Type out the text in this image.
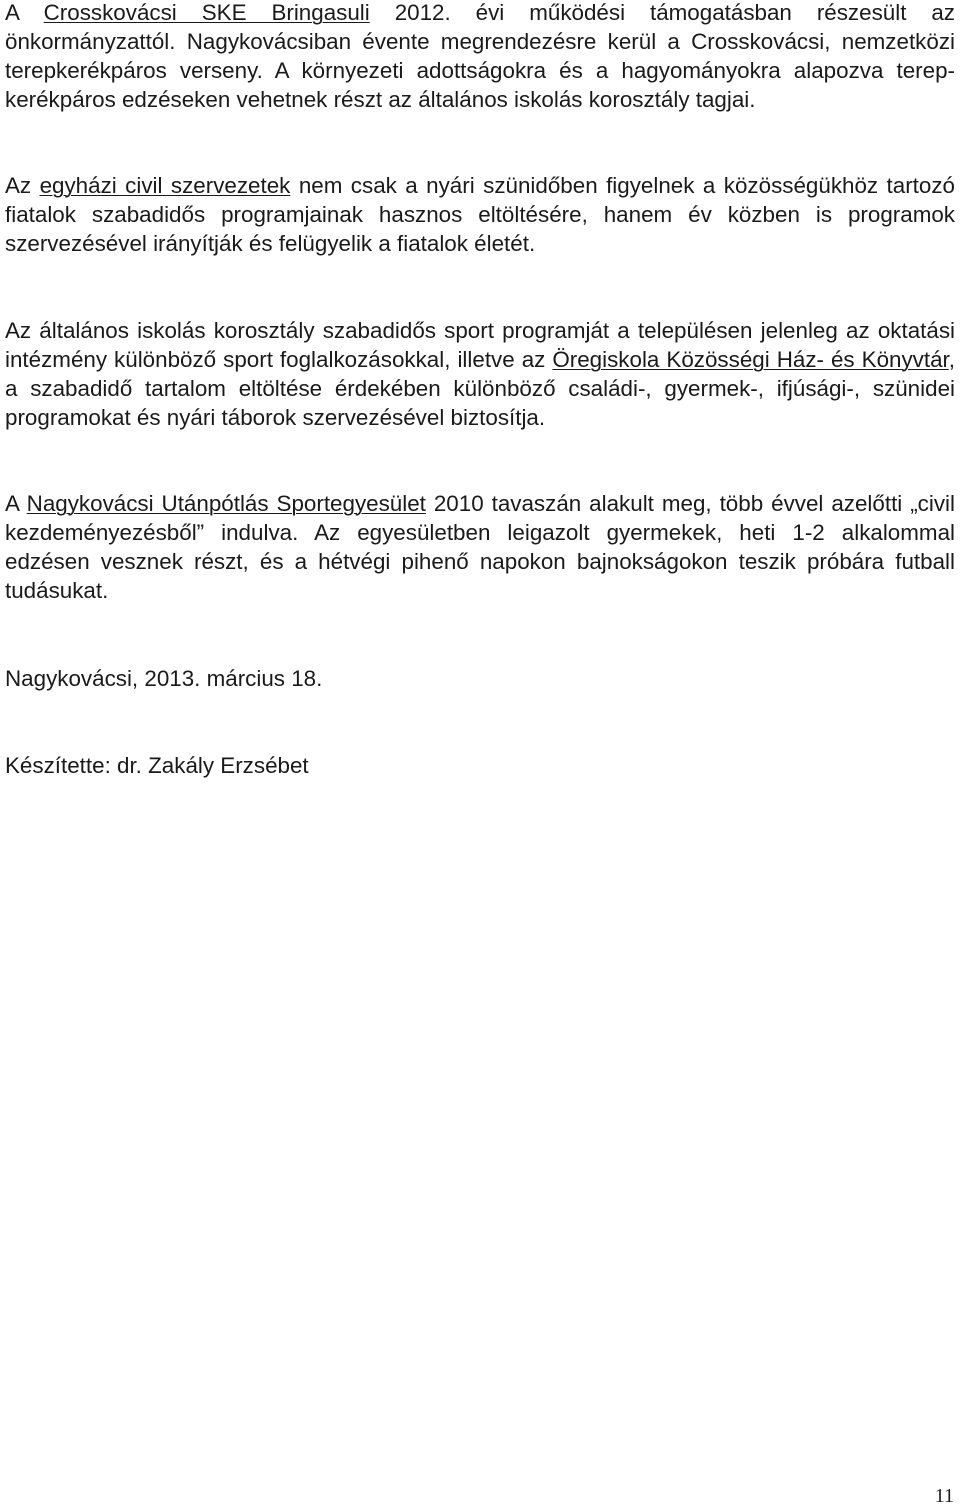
A Crosskovácsi SKE Bringasuli 2012. évi működési támogatásban részesült az önkormányzattól. Nagykovácsiban évente megrendezésre kerül a Crosskovácsi, nemzetközi terepkerékpáros verseny. A környezeti adottságokra és a hagyományokra alapozva terep-kerékpáros edzéseken vehetnek részt az általános iskolás korosztály tagjai.

Az egyházi civil szervezetek nem csak a nyári szünidőben figyelnek a közösségükhöz tartozó fiatalok szabadidős programjainak hasznos eltöltésére, hanem év közben is programok szervezésével irányítják és felügyelik a fiatalok életét.

Az általános iskolás korosztály szabadidős sport programját a településen jelenleg az oktatási intézmény különböző sport foglalkozásokkal, illetve az Öregiskola Közösségi Ház- és Könyvtár, a szabadidő tartalom eltöltése érdekében különböző családi-, gyermek-, ifjúsági-, szünidei programokat és nyári táborok szervezésével biztosítja.

A Nagykovácsi Utánpótlás Sportegyesület 2010 tavaszán alakult meg, több évvel azelőtti „civil kezdeményezésből” indulva. Az egyesületben leigazolt gyermekek, heti 1-2 alkalommal edzésen vesznek részt, és a hétvégi pihenő napokon bajnokságokon teszik próbára futball tudásukat.

Nagykovácsi, 2013. március 18.

Készítette: dr. Zakály Erzsébet

11
